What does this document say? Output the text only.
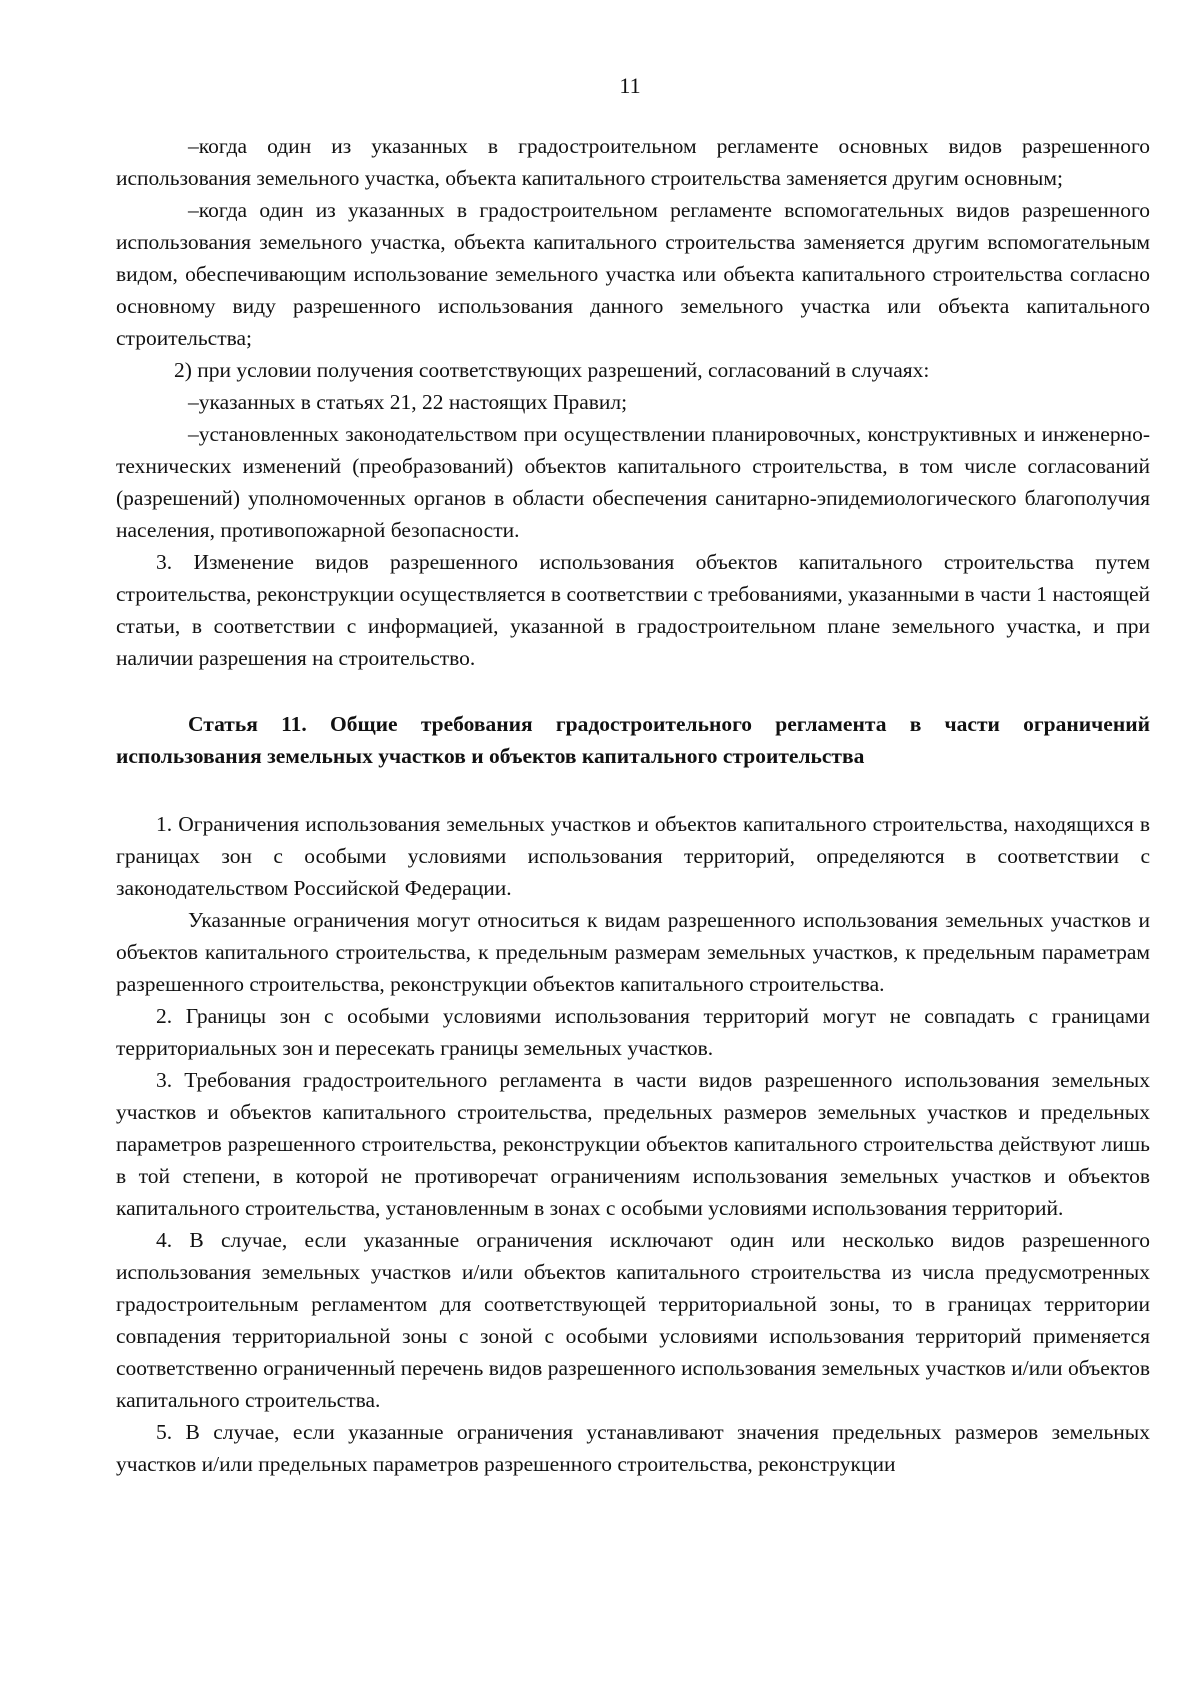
11

–когда один из указанных в градостроительном регламенте основных видов разрешенного использования земельного участка, объекта капитального строительства заменяется другим основным;

–когда один из указанных в градостроительном регламенте вспомогательных видов разрешенного использования земельного участка, объекта капитального строительства заменяется другим вспомогательным видом, обеспечивающим использование земельного участка или объекта капитального строительства согласно основному виду разрешенного использования данного земельного участка или объекта капитального строительства;

2) при условии получения соответствующих разрешений, согласований в случаях:

–указанных в статьях 21, 22 настоящих Правил;

–установленных законодательством при осуществлении планировочных, конструктивных и инженерно-технических изменений (преобразований) объектов капитального строительства, в том числе согласований (разрешений) уполномоченных органов в области обеспечения санитарно-эпидемиологического благополучия населения, противопожарной безопасности.

3. Изменение видов разрешенного использования объектов капитального строительства путем строительства, реконструкции осуществляется в соответствии с требованиями, указанными в части 1 настоящей статьи, в соответствии с информацией, указанной в градостроительном плане земельного участка, и при наличии разрешения на строительство.

Статья 11. Общие требования градостроительного регламента в части ограничений использования земельных участков и объектов капитального строительства

1. Ограничения использования земельных участков и объектов капитального строительства, находящихся в границах зон с особыми условиями использования территорий, определяются в соответствии с законодательством Российской Федерации.

Указанные ограничения могут относиться к видам разрешенного использования земельных участков и объектов капитального строительства, к предельным размерам земельных участков, к предельным параметрам разрешенного строительства, реконструкции объектов капитального строительства.

2. Границы зон с особыми условиями использования территорий могут не совпадать с границами территориальных зон и пересекать границы земельных участков.

3. Требования градостроительного регламента в части видов разрешенного использования земельных участков и объектов капитального строительства, предельных размеров земельных участков и предельных параметров разрешенного строительства, реконструкции объектов капитального строительства действуют лишь в той степени, в которой не противоречат ограничениям использования земельных участков и объектов капитального строительства, установленным в зонах с особыми условиями использования территорий.

4. В случае, если указанные ограничения исключают один или несколько видов разрешенного использования земельных участков и/или объектов капитального строительства из числа предусмотренных градостроительным регламентом для соответствующей территориальной зоны, то в границах территории совпадения территориальной зоны с зоной с особыми условиями использования территорий применяется соответственно ограниченный перечень видов разрешенного использования земельных участков и/или объектов капитального строительства.

5. В случае, если указанные ограничения устанавливают значения предельных размеров земельных участков и/или предельных параметров разрешенного строительства, реконструкции
